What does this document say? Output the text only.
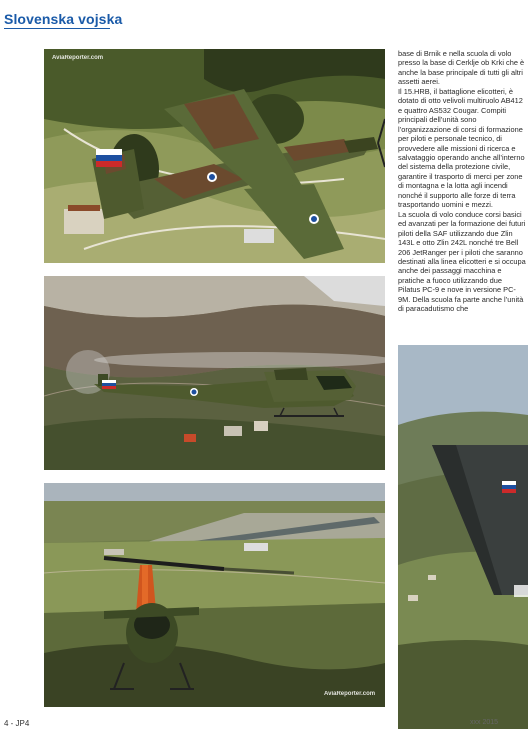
Slovenska vojska
AviaReporter.com
AviaReporter.com

base di Brnik e nella scuola di volo presso la base di Cerklje ob Krki che è anche la base principale di tutti gli altri assetti aerei.

Il 15.HRB, il battaglione elicotteri, è dotato di otto velivoli multiruolo AB412 e quattro AS532 Cougar. Compiti principali dell’unità sono l’organizzazione di corsi di formazione per piloti e personale tecnico, di provvedere alle missioni di ricerca e salvataggio operando anche all’interno del sistema della protezione civile, garantire il trasporto di merci per zone di montagna e la lotta agli incendi nonché il supporto alle forze di terra trasportando uomini e mezzi.

La scuola di volo conduce corsi basici ed avanzati per la formazione dei futuri piloti della SAF utilizzando due Zlin 143L e otto Zlin 242L nonché tre Bell 206 JetRanger per i piloti che saranno destinati alla linea elicotteri e si occupa anche dei passaggi macchina e pratiche a fuoco utilizzando due Pilatus PC-9 e nove in versione PC-9M. Della scuola fa parte anche l’unità di paracadutismo che

4 - JP4	xxx 2015
